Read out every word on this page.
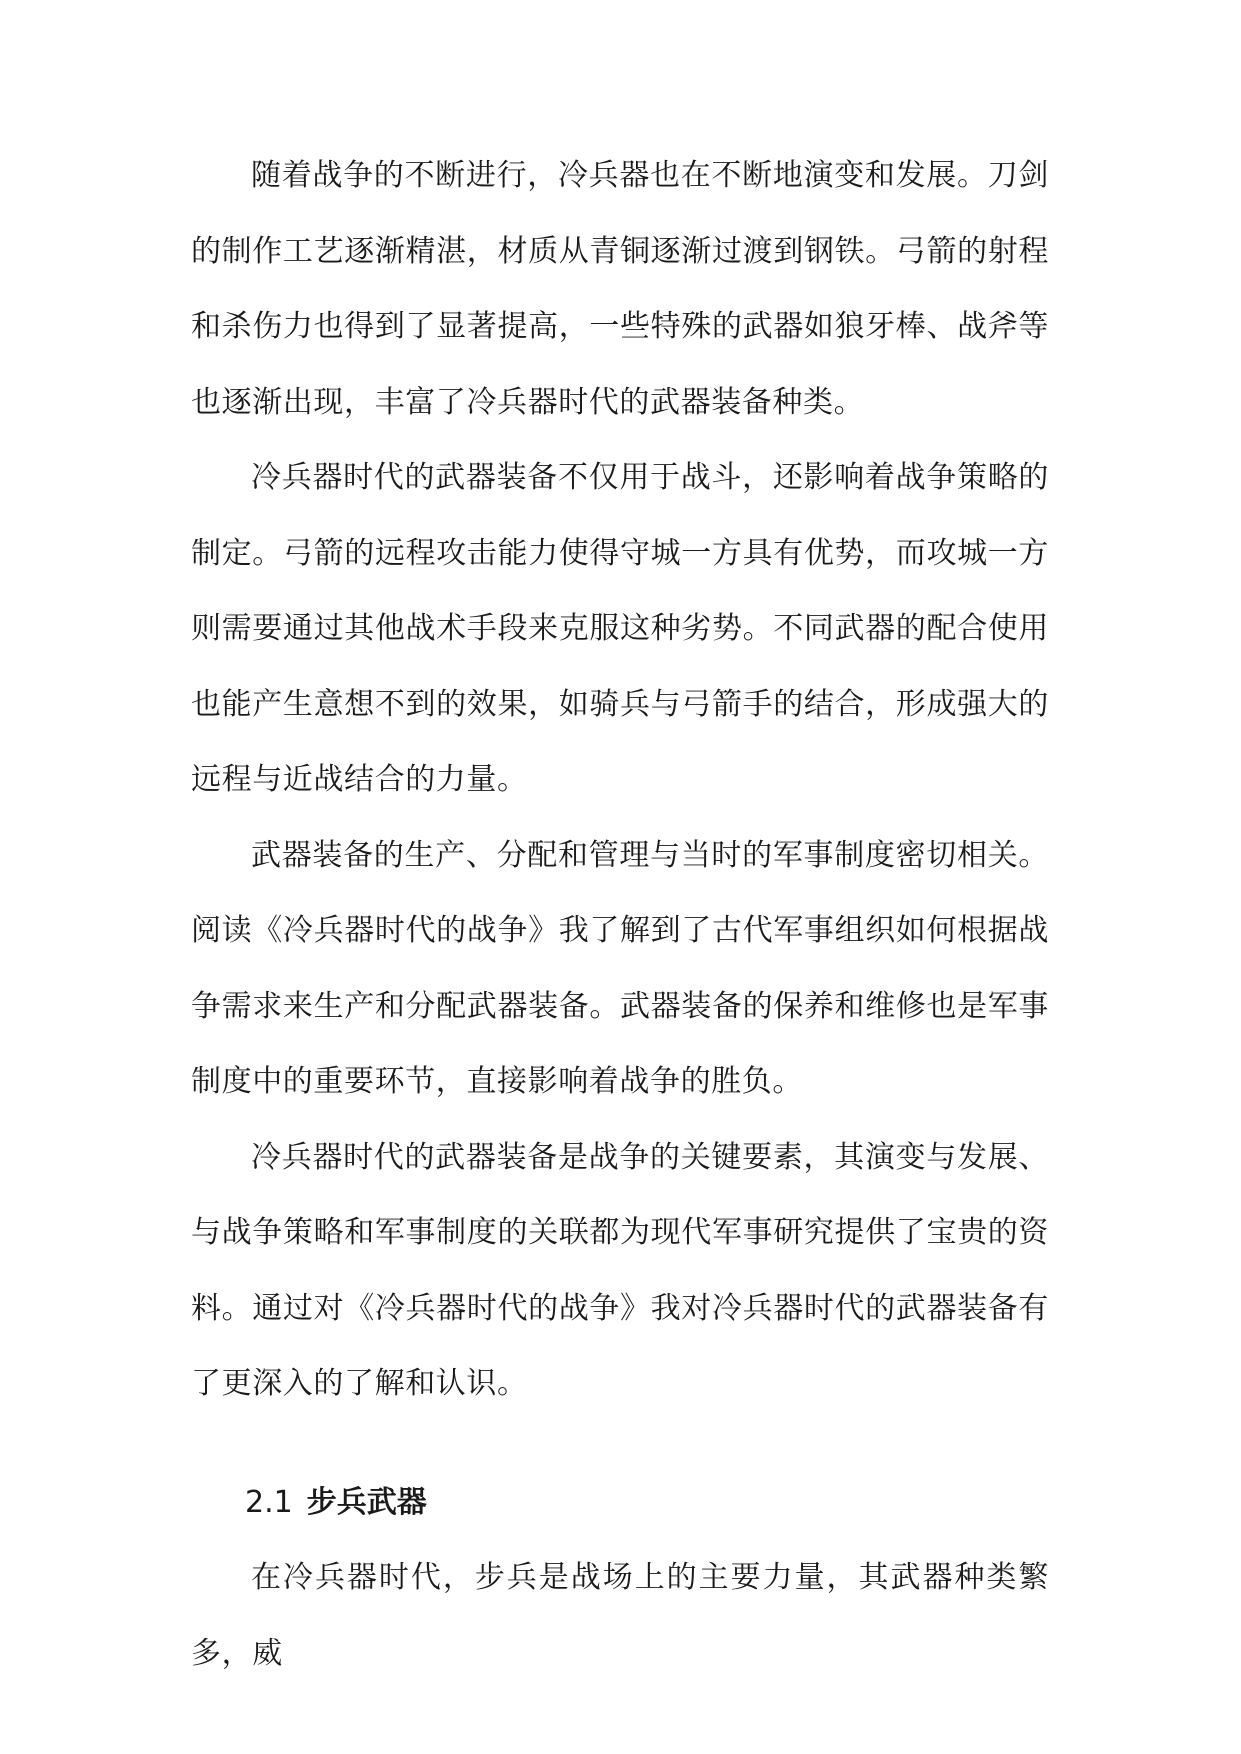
随着战争的不断进行，冷兵器也在不断地演变和发展。刀剑的制作工艺逐渐精湛，材质从青铜逐渐过渡到钢铁。弓箭的射程和杀伤力也得到了显著提高，一些特殊的武器如狼牙棒、战斧等也逐渐出现，丰富了冷兵器时代的武器装备种类。

冷兵器时代的武器装备不仅用于战斗，还影响着战争策略的制定。弓箭的远程攻击能力使得守城一方具有优势，而攻城一方则需要通过其他战术手段来克服这种劣势。不同武器的配合使用也能产生意想不到的效果，如骑兵与弓箭手的结合，形成强大的远程与近战结合的力量。

武器装备的生产、分配和管理与当时的军事制度密切相关。阅读《冷兵器时代的战争》我了解到了古代军事组织如何根据战争需求来生产和分配武器装备。武器装备的保养和维修也是军事制度中的重要环节，直接影响着战争的胜负。

冷兵器时代的武器装备是战争的关键要素，其演变与发展、与战争策略和军事制度的关联都为现代军事研究提供了宝贵的资料。通过对《冷兵器时代的战争》我对冷兵器时代的武器装备有了更深入的了解和认识。

2.1 步兵武器

在冷兵器时代，步兵是战场上的主要力量，其武器种类繁多，威
